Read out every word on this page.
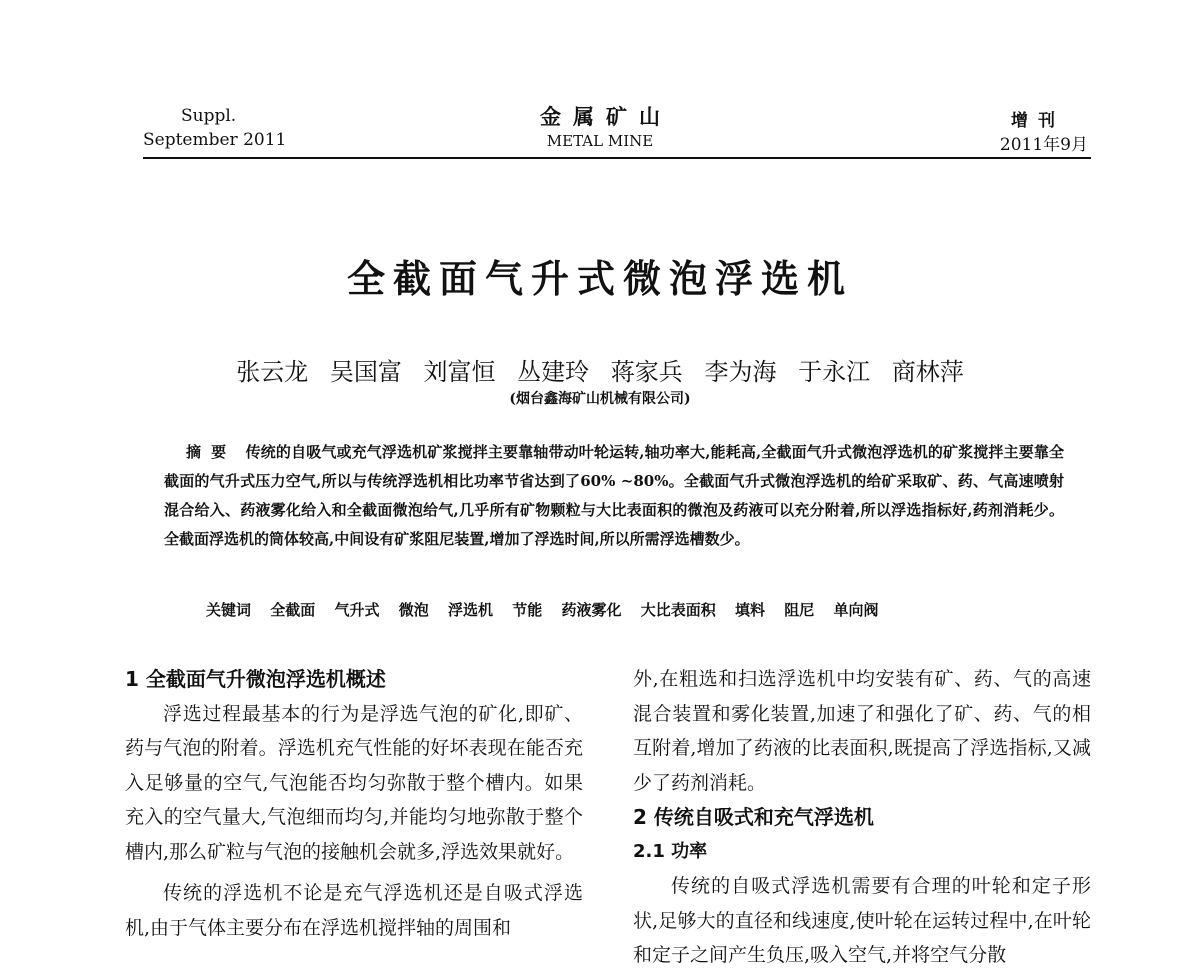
Suppl.
September 2011
金属矿山
METAL MINE
增刊
2011年9月
全截面气升式微泡浮选机
张云龙 吴国富 刘富恒 丛建玲 蒋家兵 李为海 于永江 商林萍
(烟台鑫海矿山机械有限公司)
摘要 传统的自吸气或充气浮选机矿浆搅拌主要靠轴带动叶轮运转,轴功率大,能耗高,全截面气升式微泡浮选机的矿浆搅拌主要靠全截面的气升式压力空气,所以与传统浮选机相比功率节省达到了60% ~80%。全截面气升式微泡浮选机的给矿采取矿、药、气高速喷射混合给入、药液雾化给入和全截面微泡给气,几乎所有矿物颗粒与大比表面积的微泡及药液可以充分附着,所以浮选指标好,药剂消耗少。全截面浮选机的筒体较高,中间设有矿浆阻尼装置,增加了浮选时间,所以所需浮选槽数少。
关键词 全截面 气升式 微泡 浮选机 节能 药液雾化 大比表面积 填料 阻尼 单向阀

1 全截面气升微泡浮选机概述

浮选过程最基本的行为是浮选气泡的矿化,即矿、药与气泡的附着。浮选机充气性能的好坏表现在能否充入足够量的空气,气泡能否均匀弥散于整个槽内。如果充入的空气量大,气泡细而均匀,并能均匀地弥散于整个槽内,那么矿粒与气泡的接触机会就多,浮选效果就好。

传统的浮选机不论是充气浮选机还是自吸式浮选机,由于气体主要分布在浮选机搅拌轴的周围和

外,在粗选和扫选浮选机中均安装有矿、药、气的高速混合装置和雾化装置,加速了和强化了矿、药、气的相互附着,增加了药液的比表面积,既提高了浮选指标,又减少了药剂消耗。

2 传统自吸式和充气浮选机

2.1 功率

传统的自吸式浮选机需要有合理的叶轮和定子形状,足够大的直径和线速度,使叶轮在运转过程中,在叶轮和定子之间产生负压,吸入空气,并将空气分散
